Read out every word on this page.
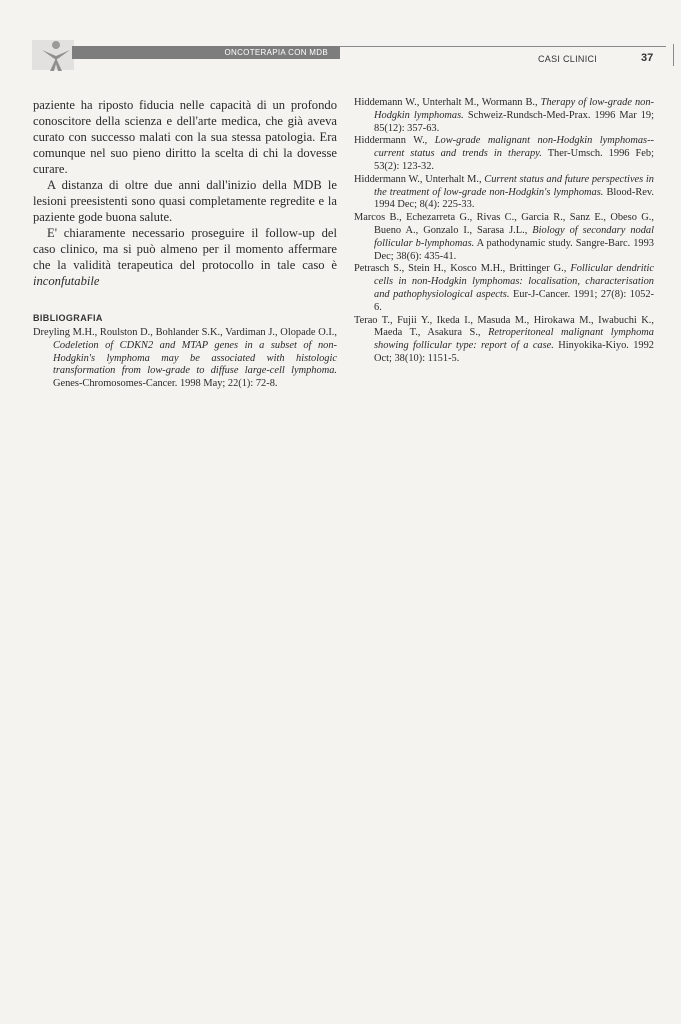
ONCOTERAPIA CON MDB
CASI CLINICI	37

paziente ha riposto fiducia nelle capacità di un profondo conoscitore della scienza e dell'arte medica, che già aveva curato con successo malati con la sua stessa patologia. Era comunque nel suo pieno diritto la scelta di chi la dovesse curare.

A distanza di oltre due anni dall'inizio della MDB le lesioni preesistenti sono quasi completamente regredite e la paziente gode buona salute.

E' chiaramente necessario proseguire il follow-up del caso clinico, ma si può almeno per il momento affermare che la validità terapeutica del protocollo in tale caso è inconfutabile

BIBLIOGRAFIA

Dreyling M.H., Roulston D., Bohlander S.K., Vardiman J., Olopade O.I., Codeletion of CDKN2 and MTAP genes in a subset of non-Hodgkin's lymphoma may be associated with histologic transformation from low-grade to diffuse large-cell lymphoma. Genes-Chromosomes-Cancer. 1998 May; 22(1): 72-8.

Hiddemann W., Unterhalt M., Wormann B., Therapy of low-grade non-Hodgkin lymphomas. Schweiz-Rundsch-Med-Prax. 1996 Mar 19; 85(12): 357-63.

Hiddermann W., Low-grade malignant non-Hodgkin lymphomas--current status and trends in therapy. Ther-Umsch. 1996 Feb; 53(2): 123-32.

Hiddermann W., Unterhalt M., Current status and future perspectives in the treatment of low-grade non-Hodgkin's lymphomas. Blood-Rev. 1994 Dec; 8(4): 225-33.

Marcos B., Echezarreta G., Rivas C., Garcia R., Sanz E., Obeso G., Bueno A., Gonzalo I., Sarasa J.L., Biology of secondary nodal follicular b-lymphomas. A pathodynamic study. Sangre-Barc. 1993 Dec; 38(6): 435-41.

Petrasch S., Stein H., Kosco M.H., Brittinger G., Follicular dendritic cells in non-Hodgkin lymphomas: localisation, characterisation and pathophysiological aspects. Eur-J-Cancer. 1991; 27(8): 1052-6.

Terao T., Fujii Y., Ikeda I., Masuda M., Hirokawa M., Iwabuchi K., Maeda T., Asakura S., Retroperitoneal malignant lymphoma showing follicular type: report of a case. Hinyokika-Kiyo. 1992 Oct; 38(10): 1151-5.
